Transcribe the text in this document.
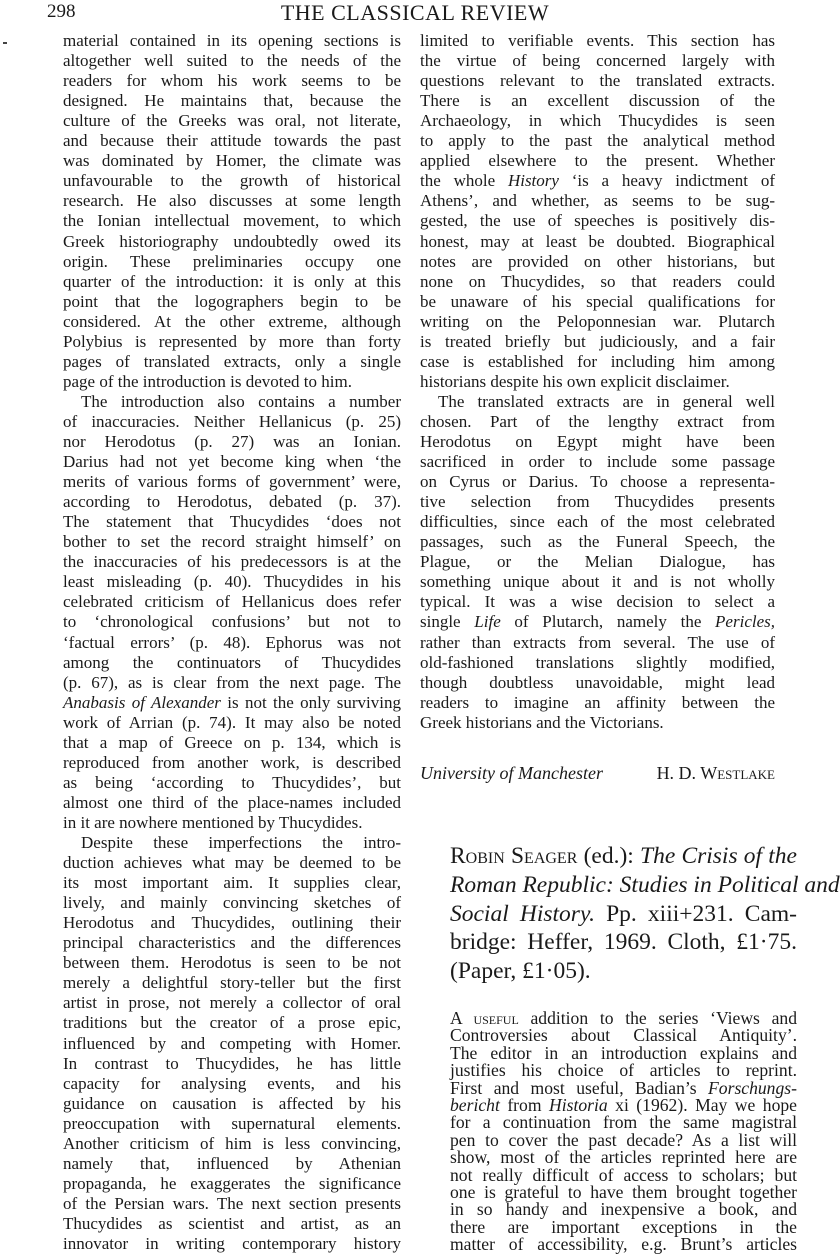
298	THE CLASSICAL REVIEW
material contained in its opening sections is
altogether well suited to the needs of the
readers for whom his work seems to be
designed. He maintains that, because the
culture of the Greeks was oral, not literate,
and because their attitude towards the past
was dominated by Homer, the climate was
unfavourable to the growth of historical
research. He also discusses at some length
the Ionian intellectual movement, to which
Greek historiography undoubtedly owed its
origin. These preliminaries occupy one
quarter of the introduction: it is only at this
point that the logographers begin to be
considered. At the other extreme, although
Polybius is represented by more than forty
pages of translated extracts, only a single
page of the introduction is devoted to him.
The introduction also contains a number
of inaccuracies. Neither Hellanicus (p. 25)
nor Herodotus (p. 27) was an Ionian.
Darius had not yet become king when ‘the
merits of various forms of government’ were,
according to Herodotus, debated (p. 37).
The statement that Thucydides ‘does not
bother to set the record straight himself’ on
the inaccuracies of his predecessors is at the
least misleading (p. 40). Thucydides in his
celebrated criticism of Hellanicus does refer
to ‘chronological confusions’ but not to
‘factual errors’ (p. 48). Ephorus was not
among the continuators of Thucydides
(p. 67), as is clear from the next page. The
Anabasis of Alexander is not the only surviving
work of Arrian (p. 74). It may also be noted
that a map of Greece on p. 134, which is
reproduced from another work, is described
as being ‘according to Thucydides’, but
almost one third of the place-names included
in it are nowhere mentioned by Thucydides.
Despite these imperfections the intro-
duction achieves what may be deemed to be
its most important aim. It supplies clear,
lively, and mainly convincing sketches of
Herodotus and Thucydides, outlining their
principal characteristics and the differences
between them. Herodotus is seen to be not
merely a delightful story-teller but the first
artist in prose, not merely a collector of oral
traditions but the creator of a prose epic,
influenced by and competing with Homer.
In contrast to Thucydides, he has little
capacity for analysing events, and his
guidance on causation is affected by his
preoccupation with supernatural elements.
Another criticism of him is less convincing,
namely that, influenced by Athenian
propaganda, he exaggerates the significance
of the Persian wars. The next section presents
Thucydides as scientist and artist, as an
innovator in writing contemporary history
limited to verifiable events. This section has
the virtue of being concerned largely with
questions relevant to the translated extracts.
There is an excellent discussion of the
Archaeology, in which Thucydides is seen
to apply to the past the analytical method
applied elsewhere to the present. Whether
the whole History ‘is a heavy indictment of
Athens’, and whether, as seems to be sug-
gested, the use of speeches is positively dis-
honest, may at least be doubted. Biographical
notes are provided on other historians, but
none on Thucydides, so that readers could
be unaware of his special qualifications for
writing on the Peloponnesian war. Plutarch
is treated briefly but judiciously, and a fair
case is established for including him among
historians despite his own explicit disclaimer.
The translated extracts are in general well
chosen. Part of the lengthy extract from
Herodotus on Egypt might have been
sacrificed in order to include some passage
on Cyrus or Darius. To choose a representa-
tive selection from Thucydides presents
difficulties, since each of the most celebrated
passages, such as the Funeral Speech, the
Plague, or the Melian Dialogue, has
something unique about it and is not wholly
typical. It was a wise decision to select a
single Life of Plutarch, namely the Pericles,
rather than extracts from several. The use of
old-fashioned translations slightly modified,
though doubtless unavoidable, might lead
readers to imagine an affinity between the
Greek historians and the Victorians.
University of Manchester	H. D. Westlake
Robin Seager (ed.): The Crisis of the
Roman Republic: Studies in Political and
Social History. Pp. xiii+231. Cam-
bridge: Heffer, 1969. Cloth, £1·75.
(Paper, £1·05).
A useful addition to the series ‘Views and
Controversies about Classical Antiquity’.
The editor in an introduction explains and
justifies his choice of articles to reprint.
First and most useful, Badian’s Forschungs-
bericht from Historia xi (1962). May we hope
for a continuation from the same magistral
pen to cover the past decade? As a list will
show, most of the articles reprinted here are
not really difficult of access to scholars; but
one is grateful to have them brought together
in so handy and inexpensive a book, and
there are important exceptions in the
matter of accessibility, e.g. Brunt’s articles
